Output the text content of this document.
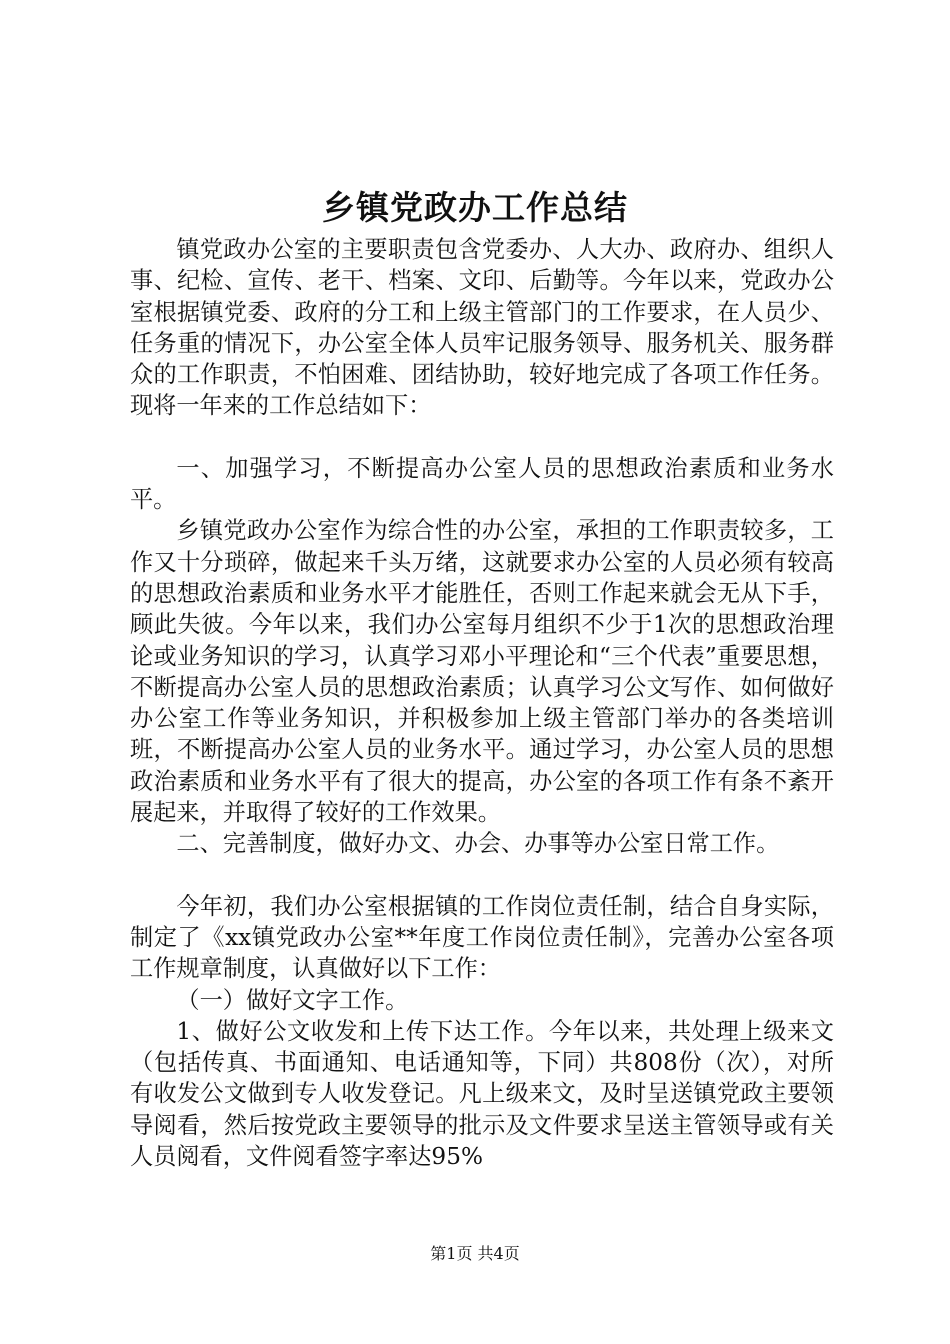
乡镇党政办工作总结

镇党政办公室的主要职责包含党委办、人大办、政府办、组织人事、纪检、宣传、老干、档案、文印、后勤等。今年以来，党政办公室根据镇党委、政府的分工和上级主管部门的工作要求，在人员少、任务重的情况下，办公室全体人员牢记服务领导、服务机关、服务群众的工作职责，不怕困难、团结协助，较好地完成了各项工作任务。现将一年来的工作总结如下：

一、加强学习，不断提高办公室人员的思想政治素质和业务水平。

乡镇党政办公室作为综合性的办公室，承担的工作职责较多，工作又十分琐碎，做起来千头万绪，这就要求办公室的人员必须有较高的思想政治素质和业务水平才能胜任，否则工作起来就会无从下手，顾此失彼。今年以来，我们办公室每月组织不少于1次的思想政治理论或业务知识的学习，认真学习邓小平理论和“三个代表”重要思想，不断提高办公室人员的思想政治素质；认真学习公文写作、如何做好办公室工作等业务知识，并积极参加上级主管部门举办的各类培训班，不断提高办公室人员的业务水平。通过学习，办公室人员的思想政治素质和业务水平有了很大的提高，办公室的各项工作有条不紊开展起来，并取得了较好的工作效果。

二、完善制度，做好办文、办会、办事等办公室日常工作。

今年初，我们办公室根据镇的工作岗位责任制，结合自身实际，制定了《xx镇党政办公室**年度工作岗位责任制》，完善办公室各项工作规章制度，认真做好以下工作：

（一）做好文字工作。

1、做好公文收发和上传下达工作。今年以来，共处理上级来文（包括传真、书面通知、电话通知等，下同）共808份（次），对所有收发公文做到专人收发登记。凡上级来文，及时呈送镇党政主要领导阅看，然后按党政主要领导的批示及文件要求呈送主管领导或有关人员阅看，文件阅看签字率达95%

第1页 共4页
